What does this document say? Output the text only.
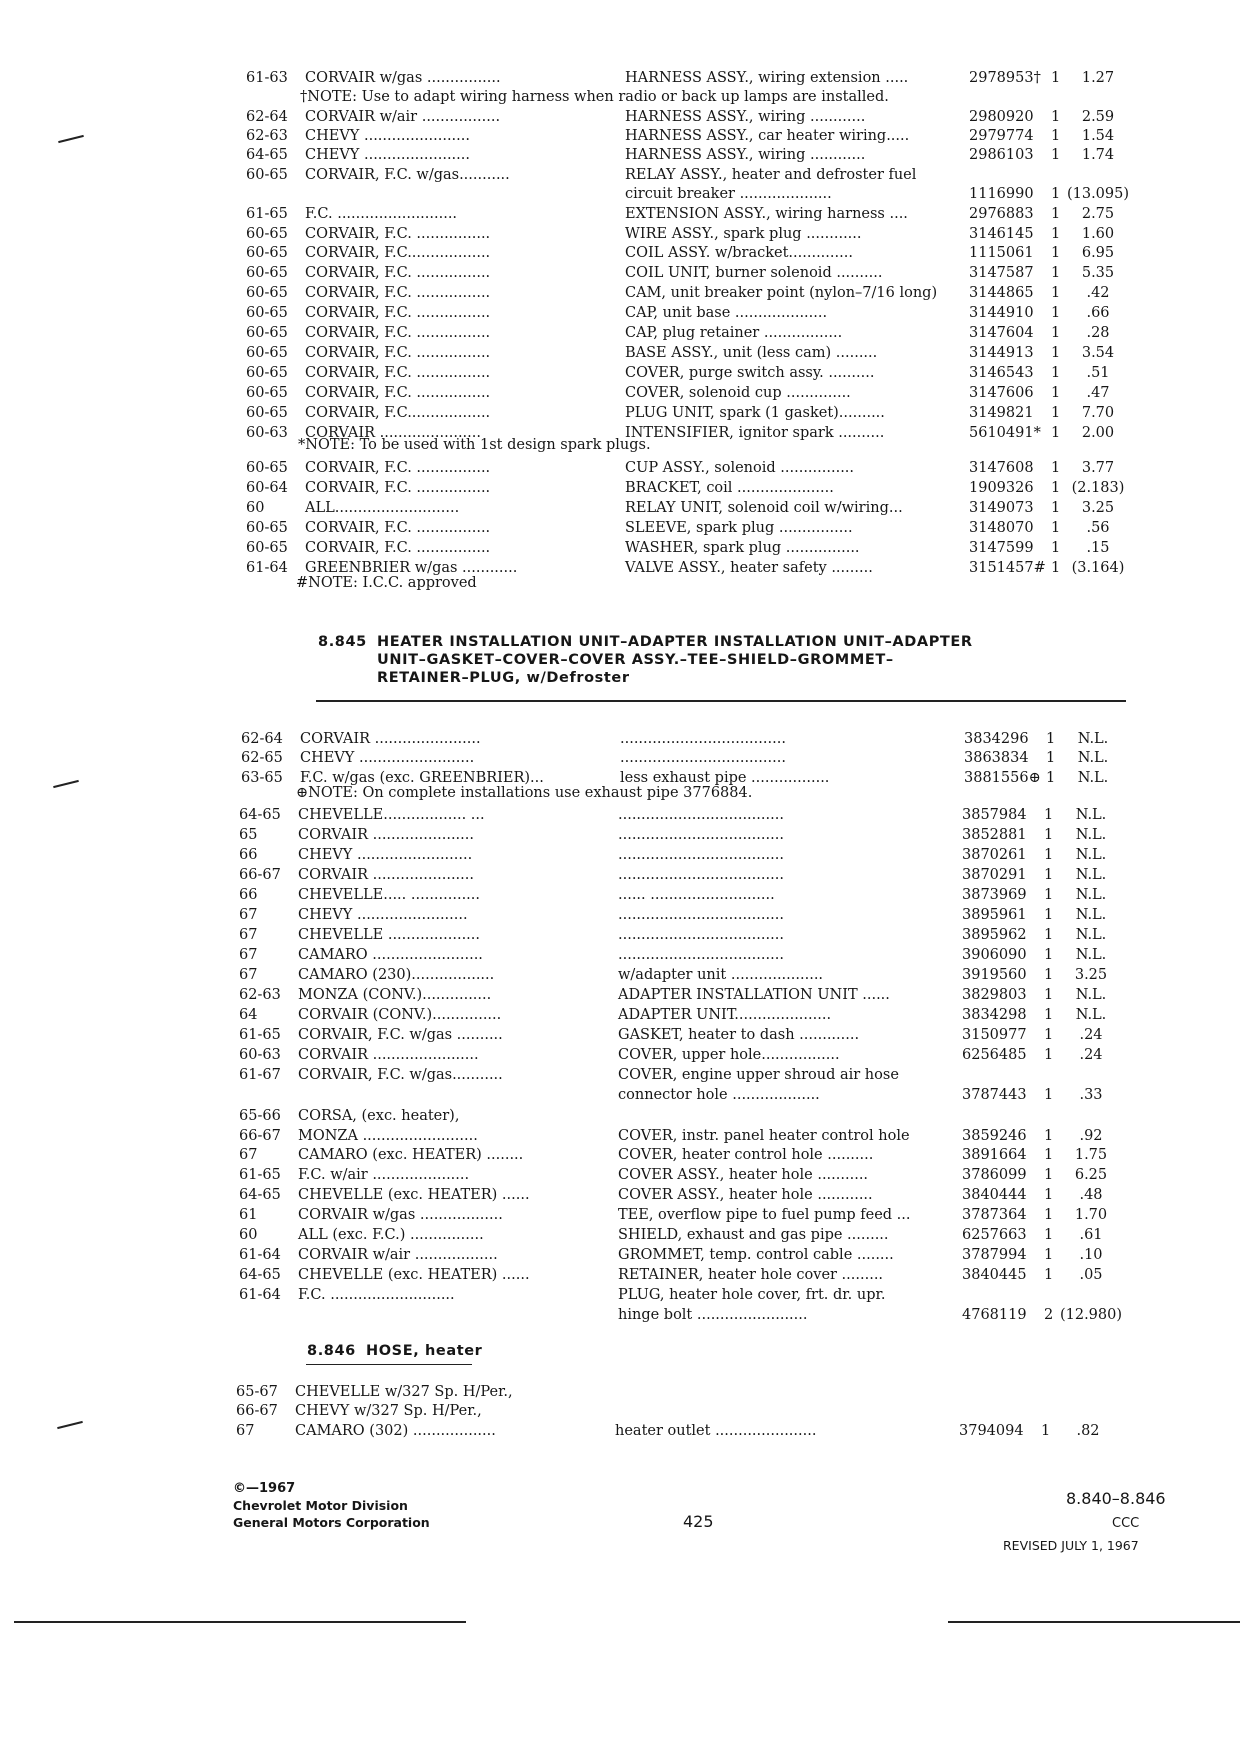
61-63 CORVAIR w/gas ................	HARNESS ASSY., wiring extension .....	2978953† 1	1.27
62-64 CORVAIR w/air .................	HARNESS ASSY., wiring ............	2980920 1	2.59
62-63 CHEVY .......................	HARNESS ASSY., car heater wiring.....	2979774 1	1.54
64-65 CHEVY .......................	HARNESS ASSY., wiring ............	2986103 1	1.74
60-65 CORVAIR, F.C. w/gas...........	RELAY ASSY., heater and defroster fuel
circuit breaker ....................	1116990 1 (13.095)
61-65 F.C. ..........................	EXTENSION ASSY., wiring harness ....	2976883 1	2.75
60-65 CORVAIR, F.C. ................	WIRE ASSY., spark plug ............	3146145 1	1.60
60-65 CORVAIR, F.C..................	COIL ASSY. w/bracket..............	1115061 1	6.95
60-65 CORVAIR, F.C. ................	COIL UNIT, burner solenoid ..........	3147587 1	5.35
60-65 CORVAIR, F.C. ................	CAM, unit breaker point (nylon–7/16 long) 3144865 1	.42
60-65 CORVAIR, F.C. ................	CAP, unit base ....................	3144910 1	.66
60-65 CORVAIR, F.C. ................	CAP, plug retainer .................	3147604 1	.28
60-65 CORVAIR, F.C. ................	BASE ASSY., unit (less cam) .........	3144913 1	3.54
60-65 CORVAIR, F.C. ................	COVER, purge switch assy. ..........	3146543 1	.51
60-65 CORVAIR, F.C. ................	COVER, solenoid cup ..............	3147606 1	.47
60-65 CORVAIR, F.C..................	PLUG UNIT, spark (1 gasket)..........	3149821 1	7.70
60-63 CORVAIR ......................	INTENSIFIER, ignitor spark ..........	5610491* 1	2.00
†NOTE: Use to adapt wiring harness when radio or back up lamps are installed.
*NOTE: To be used with 1st design spark plugs.
60-65 CORVAIR, F.C. ................	CUP ASSY., solenoid ................	3147608 1	3.77
60-64 CORVAIR, F.C. ................	BRACKET, coil .....................	1909326 1 (2.183)
60	ALL...........................	RELAY UNIT, solenoid coil w/wiring...	3149073 1	3.25
60-65 CORVAIR, F.C. ................	SLEEVE, spark plug ................	3148070 1	.56
60-65 CORVAIR, F.C. ................	WASHER, spark plug ................	3147599 1	.15
61-64 GREENBRIER w/gas ............	VALVE ASSY., heater safety .........	3151457# 1 (3.164)
#NOTE: I.C.C. approved
8.845 HEATER INSTALLATION UNIT–ADAPTER INSTALLATION UNIT–ADAPTER
UNIT–GASKET–COVER–COVER ASSY.–TEE–SHIELD–GROMMET–
RETAINER–PLUG, w/Defroster
62-64 CORVAIR .......................	....................................	3834296 1	N.L.
62-65 CHEVY .........................	....................................	3863834 1	N.L.
63-65 F.C. w/gas (exc. GREENBRIER)...	less exhaust pipe .................	3881556⊕ 1	N.L.
⊕NOTE: On complete installations use exhaust pipe 3776884.
64-65 CHEVELLE.................. ...	....................................	3857984 1	N.L.
65	CORVAIR ......................	....................................	3852881 1	N.L.
66	CHEVY .........................	....................................	3870261 1	N.L.
66-67 CORVAIR ......................	....................................	3870291 1	N.L.
66	CHEVELLE..... ...............	...... ...........................	3873969 1	N.L.
67	CHEVY ........................	....................................	3895961 1	N.L.
67	CHEVELLE ....................	....................................	3895962 1	N.L.
67	CAMARO ........................	....................................	3906090 1	N.L.
67	CAMARO (230)..................	w/adapter unit ....................	3919560 1	3.25
62-63 MONZA (CONV.)...............	ADAPTER INSTALLATION UNIT ......	3829803 1	N.L.
64	CORVAIR (CONV.)...............	ADAPTER UNIT.....................	3834298 1	N.L.
61-65 CORVAIR, F.C. w/gas ..........	GASKET, heater to dash .............	3150977 1	.24
60-63 CORVAIR .......................	COVER, upper hole.................	6256485 1	.24
61-67 CORVAIR, F.C. w/gas...........	COVER, engine upper shroud air hose
connector hole ...................	3787443 1	.33
65-66 CORSA, (exc. heater),
66-67 MONZA .........................	COVER, instr. panel heater control hole	3859246 1	.92
67	CAMARO (exc. HEATER) ........	COVER, heater control hole ..........	3891664 1	1.75
61-65 F.C. w/air .....................	COVER ASSY., heater hole ...........	3786099 1	6.25
64-65 CHEVELLE (exc. HEATER) ......	COVER ASSY., heater hole ............	3840444 1	.48
61	CORVAIR w/gas ..................	TEE, overflow pipe to fuel pump feed ...	3787364 1	1.70
60	ALL (exc. F.C.) ................	SHIELD, exhaust and gas pipe .........	6257663 1	.61
61-64 CORVAIR w/air ..................	GROMMET, temp. control cable ........	3787994 1	.10
64-65 CHEVELLE (exc. HEATER) ......	RETAINER, heater hole cover .........	3840445 1	.05
61-64 F.C. ...........................	PLUG, heater hole cover, frt. dr. upr.
hinge bolt ........................	4768119 2 (12.980)
8.846 HOSE, heater
65-67 CHEVELLE w/327 Sp. H/Per.,
66-67 CHEVY w/327 Sp. H/Per.,
67	CAMARO (302) ..................	heater outlet ......................	3794094 1	.82
©—1967
Chevrolet Motor Division
General Motors Corporation	425
8.840–8.846
CCC
REVISED JULY 1, 1967
